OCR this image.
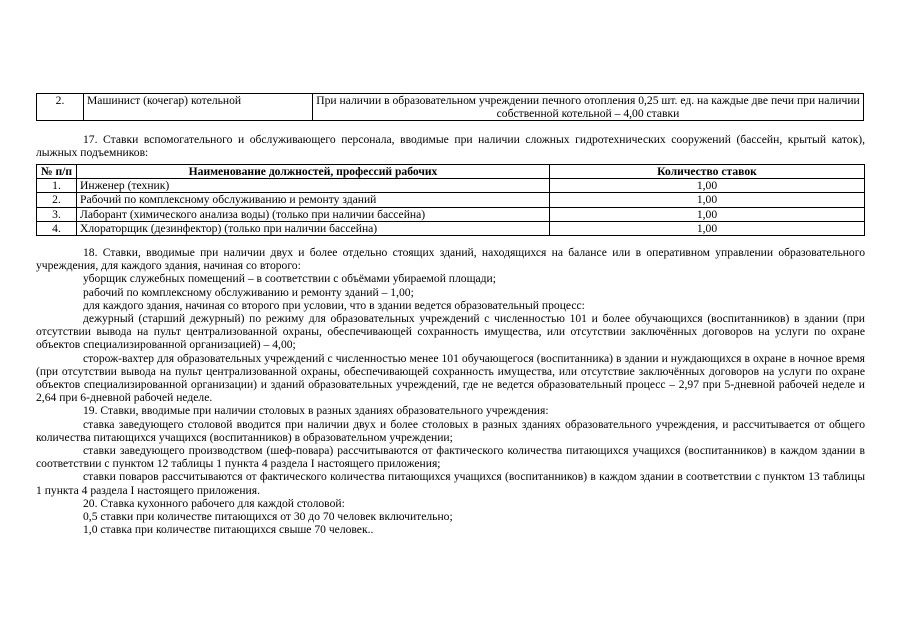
2.	Машинист (кочегар) котельной	При наличии в образовательном учреждении печного отопления 0,25 шт. ед. на каждые две печи при наличии собственной котельной – 4,00 ставки

17. Ставки вспомогательного и обслуживающего персонала, вводимые при наличии сложных гидротехнических сооружений (бассейн, крытый каток), лыжных подъемников:

№ п/п	Наименование должностей, профессий рабочих	Количество ставок
1.	Инженер (техник)	1,00
2.	Рабочий по комплексному обслуживанию и ремонту зданий	1,00
3.	Лаборант (химического анализа воды) (только при наличии бассейна)	1,00
4.	Хлораторщик (дезинфектор) (только при наличии бассейна)	1,00

18. Ставки, вводимые при наличии двух и более отдельно стоящих зданий, находящихся на балансе или в оперативном управлении образовательного учреждения, для каждого здания, начиная со второго:

уборщик служебных помещений – в соответствии с объёмами убираемой площади;

рабочий по комплексному обслуживанию и ремонту зданий – 1,00;

для каждого здания, начиная со второго при условии, что в здании ведется образовательный процесс:

дежурный (старший дежурный) по режиму для образовательных учреждений с численностью 101 и более обучающихся (воспитанников) в здании (при отсутствии вывода на пульт централизованной охраны, обеспечивающей сохранность имущества, или отсутствии заключённых договоров на услуги по охране объектов специализированной организацией) – 4,00;

сторож-вахтер для образовательных учреждений с численностью менее 101 обучающегося (воспитанника) в здании и нуждающихся в охране в ночное время (при отсутствии вывода на пульт централизованной охраны, обеспечивающей сохранность имущества, или отсутствие заключённых договоров на услуги по охране объектов специализированной организации) и зданий образовательных учреждений, где не ведется образовательный процесс – 2,97 при 5-дневной рабочей неделе и 2,64 при 6-дневной рабочей неделе.

19. Ставки, вводимые при наличии столовых в разных зданиях образовательного учреждения:

ставка заведующего столовой вводится при наличии двух и более столовых в разных зданиях образовательного учреждения, и рассчитывается от общего количества питающихся учащихся (воспитанников) в образовательном учреждении;

ставки заведующего производством (шеф-повара) рассчитываются от фактического количества питающихся учащихся (воспитанников) в каждом здании в соответствии с пунктом 12 таблицы 1 пункта 4 раздела I настоящего приложения;

ставки поваров рассчитываются от фактического количества питающихся учащихся (воспитанников) в каждом здании в соответствии с пунктом 13 таблицы 1 пункта 4 раздела I настоящего приложения.

20. Ставка кухонного рабочего для каждой столовой:

0,5 ставки при количестве питающихся от 30 до 70 человек включительно;

1,0 ставка при количестве питающихся свыше 70 человек..
